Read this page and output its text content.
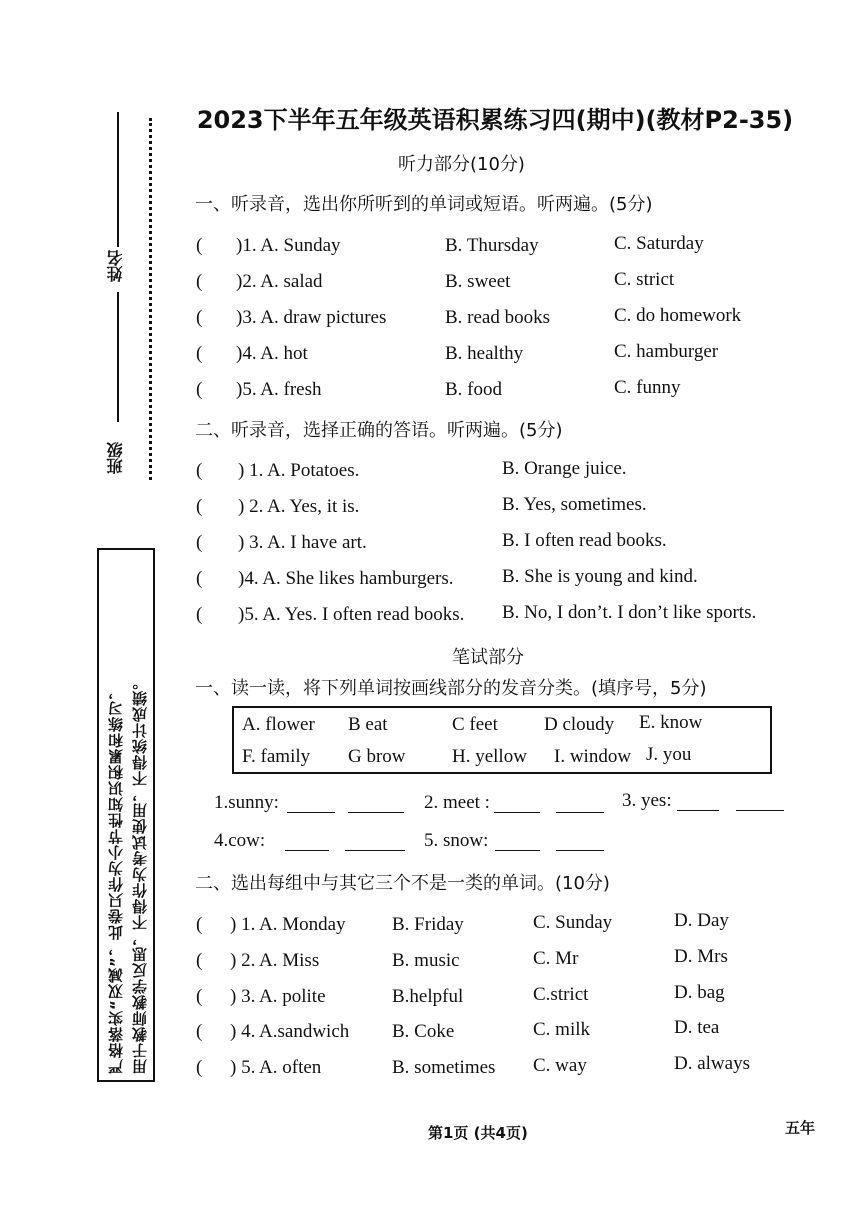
姓名
班级
严格落实“双减”，此卷只作为小节性知识积累和练习， 用于教师教学反思，不得作为考试使用，不得统计成绩。
2023下半年五年级英语积累练习四(期中)(教材P2-35)
听力部分(10分)
一、听录音，选出你所听到的单词或短语。听两遍。(5分)
( )1. A. Sunday	B. Thursday	C. Saturday
( )2. A. salad	B. sweet	C. strict
( )3. A. draw pictures	B. read books	C. do homework
( )4. A. hot	B. healthy	C. hamburger
( )5. A. fresh	B. food	C. funny
二、听录音，选择正确的答语。听两遍。(5分)
( ) 1. A. Potatoes.	B. Orange juice.
( ) 2. A. Yes, it is.	B. Yes, sometimes.
( ) 3. A. I have art.	B. I often read books.
( )4. A. She likes hamburgers.	B. She is young and kind.
( )5. A. Yes. I often read books. B. No, I don’t. I don’t like sports.
笔试部分
一、读一读，将下列单词按画线部分的发音分类。(填序号，5分)
A. flower B eat	C feet D cloudy E. know
F. family G brow H. yellow I. window J. you
1.sunny:	2. meet :	3. yes:
4.cow:	5. snow:
二、选出每组中与其它三个不是一类的单词。(10分)
( ) 1. A. Monday B. Friday	C. Sunday	D. Day
( ) 2. A. Miss	B. music	C. Mr	D. Mrs
( ) 3. A. polite	B.helpful	C.strict	D. bag
( ) 4. A.sandwich B. Coke	C. milk	D. tea
( ) 5. A. often	B. sometimes C. way	D. always
第1页 (共4页)	五年
